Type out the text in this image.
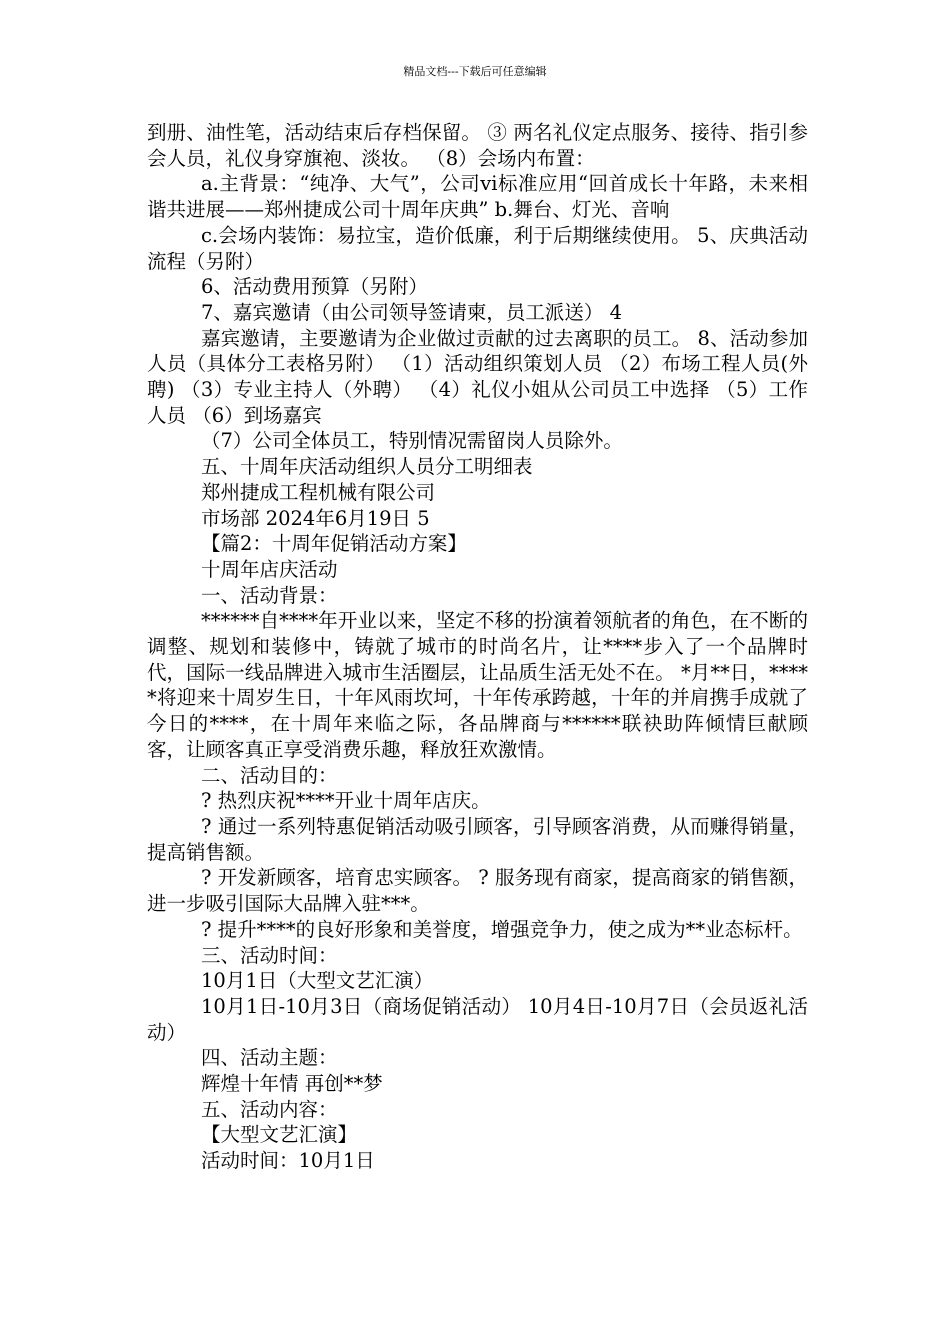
精品文档---下载后可任意编辑

到册、油性笔，活动结束后存档保留。 ③ 两名礼仪定点服务、接待、指引参会人员，礼仪身穿旗袍、淡妆。 （8）会场内布置：

a.主背景：“纯净、大气”，公司vi标准应用“回首成长十年路，未来相谐共进展——郑州捷成公司十周年庆典” b.舞台、灯光、音响

c.会场内装饰：易拉宝，造价低廉，利于后期继续使用。 5、庆典活动流程（另附）

6、活动费用预算（另附）

7、嘉宾邀请（由公司领导签请柬，员工派送） 4

嘉宾邀请，主要邀请为企业做过贡献的过去离职的员工。 8、活动参加人员（具体分工表格另附） （1）活动组织策划人员 （2）布场工程人员(外聘) （3）专业主持人（外聘） （4）礼仪小姐从公司员工中选择 （5）工作人员 （6）到场嘉宾

（7）公司全体员工，特别情况需留岗人员除外。

五、十周年庆活动组织人员分工明细表

郑州捷成工程机械有限公司

市场部 2024年6月19日 5

【篇2：十周年促销活动方案】

十周年店庆活动

一、活动背景：

******自****年开业以来，坚定不移的扮演着领航者的角色，在不断的调整、规划和装修中，铸就了城市的时尚名片，让****步入了一个品牌时代，国际一线品牌进入城市生活圈层，让品质生活无处不在。 *月**日，*****将迎来十周岁生日，十年风雨坎坷，十年传承跨越，十年的并肩携手成就了今日的****，在十周年来临之际，各品牌商与******联袂助阵倾情巨献顾客，让顾客真正享受消费乐趣，释放狂欢激情。

二、活动目的：

? 热烈庆祝****开业十周年店庆。

? 通过一系列特惠促销活动吸引顾客，引导顾客消费，从而赚得销量，提高销售额。

? 开发新顾客，培育忠实顾客。 ? 服务现有商家，提高商家的销售额，进一步吸引国际大品牌入驻***。

? 提升****的良好形象和美誉度，增强竞争力，使之成为**业态标杆。

三、活动时间：

10月1日（大型文艺汇演）

10月1日-10月3日（商场促销活动） 10月4日-10月7日（会员返礼活动）

四、活动主题：

辉煌十年情 再创**梦

五、活动内容：

【大型文艺汇演】

活动时间：10月1日
